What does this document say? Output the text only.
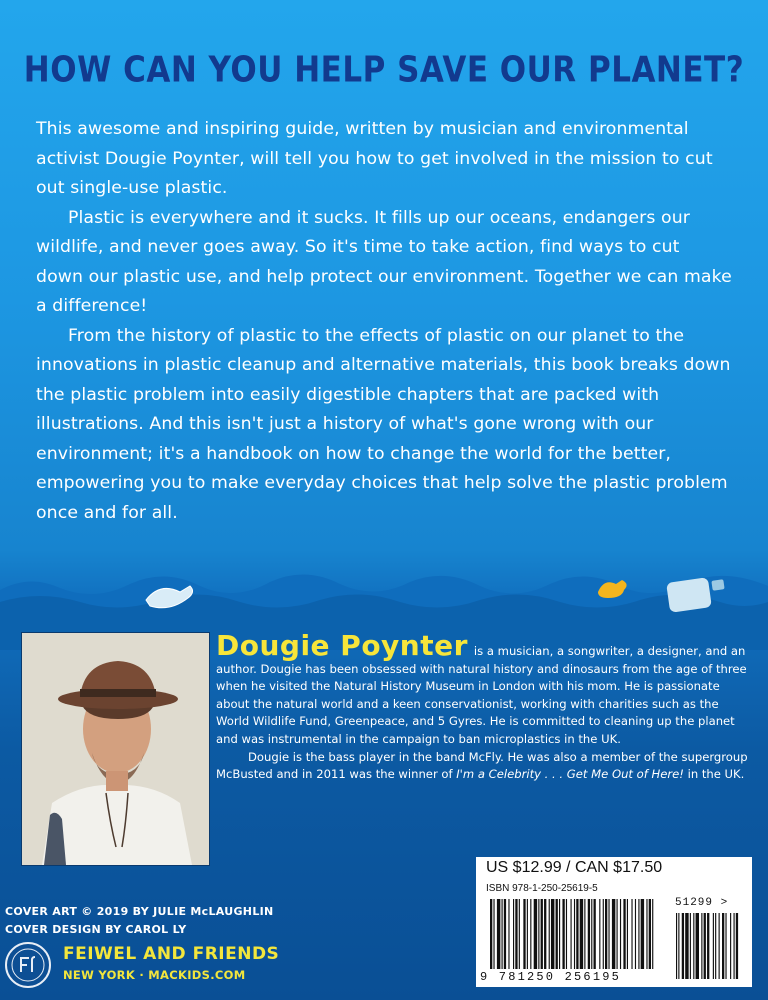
HOW CAN YOU HELP SAVE OUR PLANET?

This awesome and inspiring guide, written by musician and environmental activist Dougie Poynter, will tell you how to get involved in the mission to cut out single-use plastic.

Plastic is everywhere and it sucks. It fills up our oceans, endangers our wildlife, and never goes away. So it's time to take action, find ways to cut down our plastic use, and help protect our environment. Together we can make a difference!

From the history of plastic to the effects of plastic on our planet to the innovations in plastic cleanup and alternative materials, this book breaks down the plastic problem into easily digestible chapters that are packed with illustrations. And this isn't just a history of what's gone wrong with our environment; it's a handbook on how to change the world for the better, empowering you to make everyday choices that help solve the plastic problem once and for all.

Dougie Poynter is a musician, a songwriter, a designer, and an author. Dougie has been obsessed with natural history and dinosaurs from the age of three when he visited the Natural History Museum in London with his mom. He is passionate about the natural world and a keen conservationist, working with charities such as the World Wildlife Fund, Greenpeace, and 5 Gyres. He is committed to cleaning up the planet and was instrumental in the campaign to ban microplastics in the UK.

Dougie is the bass player in the band McFly. He was also a member of the supergroup McBusted and in 2011 was the winner of I'm a Celebrity . . . Get Me Out of Here! in the UK.

COVER ART © 2019 BY JULIE McLAUGHLIN
COVER DESIGN BY CAROL LY
FEIWEL AND FRIENDS
NEW YORK · MACKIDS.COM
US $12.99 / CAN $17.50
ISBN 978-1-250-25619-5
51299 >
9 781250 256195
